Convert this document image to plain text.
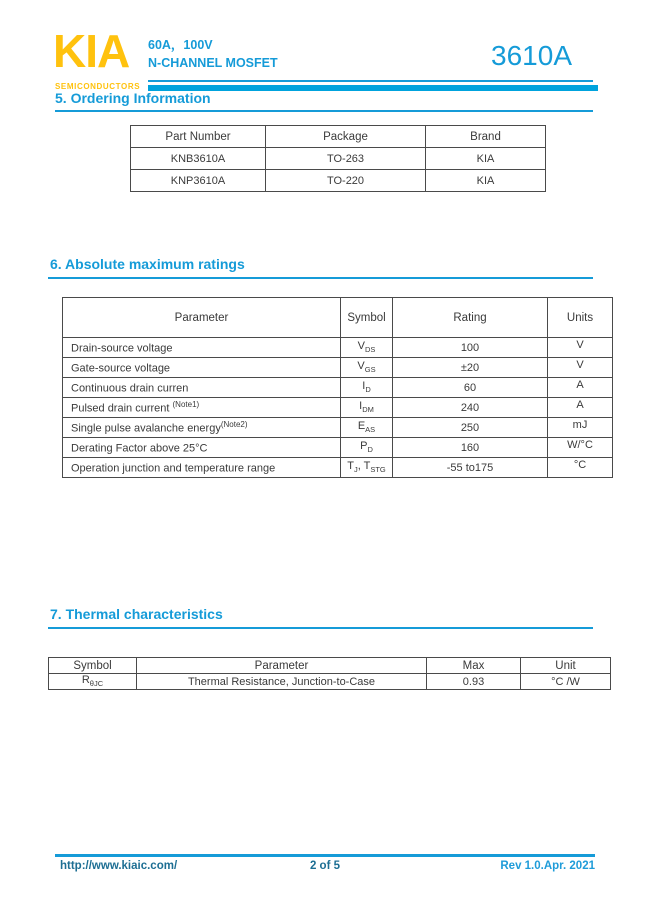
KIA
SEMICONDUCTORS
60A，100V
N-CHANNEL MOSFET	3610A
5. Ordering Information
Part Number	Package	Brand
KNB3610A	TO-263	KIA
KNP3610A	TO-220	KIA
6. Absolute maximum ratings
Parameter	Symbol	Rating	Units
Drain-source voltage	$V_{DS}$	100	V
Gate-source voltage	$V_{GS}$	±20	V
Continuous drain curren	$I_D$	60	A
Pulsed drain current $^{(Note1)}$	$I_{DM}$	240	A
Single pulse avalanche energy$^{(Note2)}$	$E_{AS}$	250	mJ
Derating Factor above 25°C	$P_D$	160	W/°C
Operation junction and temperature range	$T_J$, $T_{STG}$	-55 to175	°C
7. Thermal characteristics
Symbol	Parameter	Max	Unit
$R_{\theta JC}$	Thermal Resistance, Junction-to-Case	0.93	°C /W
http://www.kiaic.com/	2 of 5	Rev 1.0.Apr. 2021
